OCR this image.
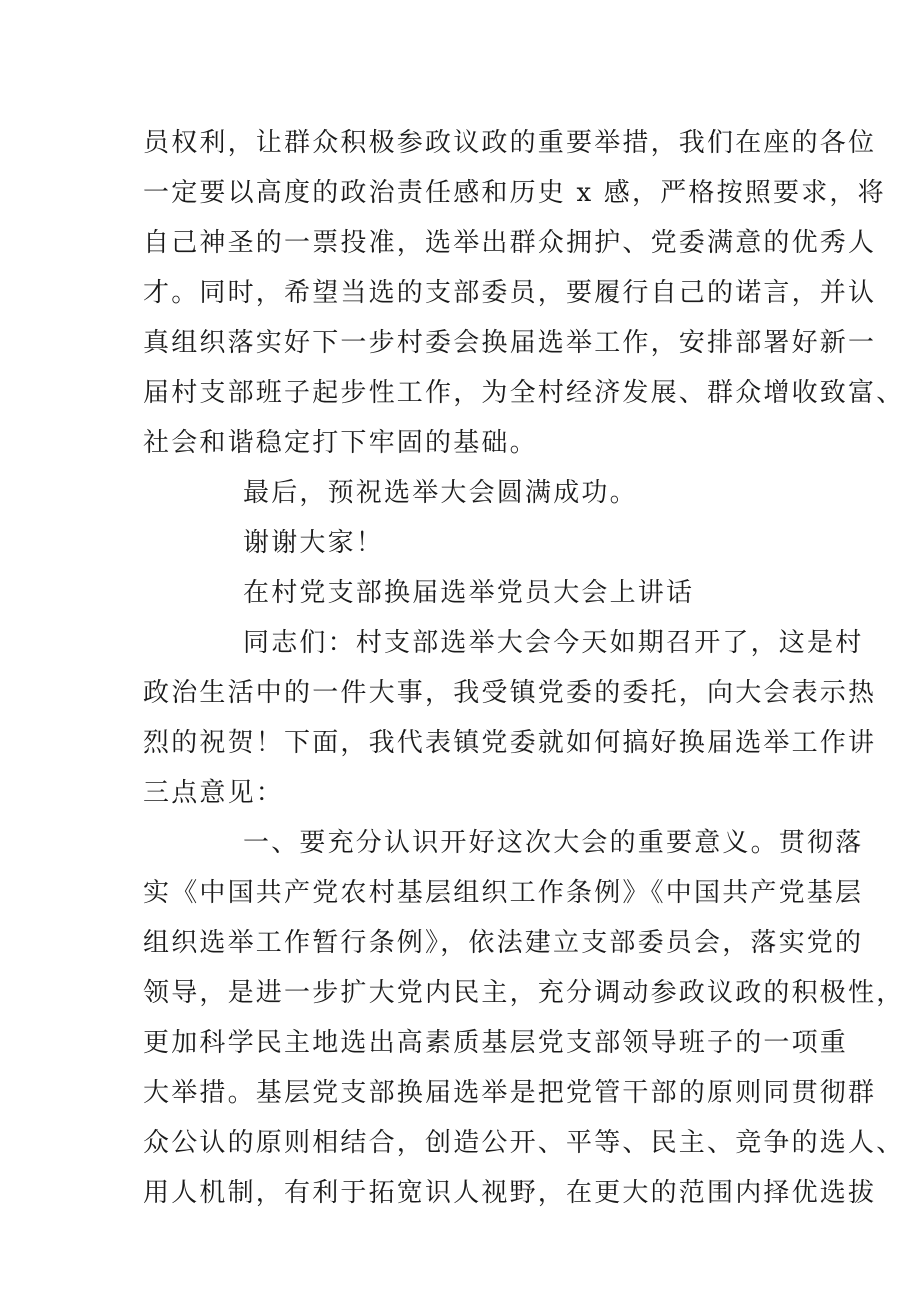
员权利，让群众积极参政议政的重要举措，我们在座的各位
一定要以高度的政治责任感和历史 x 感，严格按照要求，将
自己神圣的一票投准，选举出群众拥护、党委满意的优秀人
才。同时，希望当选的支部委员，要履行自己的诺言，并认
真组织落实好下一步村委会换届选举工作，安排部署好新一
届村支部班子起步性工作，为全村经济发展、群众增收致富、
社会和谐稳定打下牢固的基础。
最后，预祝选举大会圆满成功。
谢谢大家！
在村党支部换届选举党员大会上讲话
同志们：村支部选举大会今天如期召开了，这是村
政治生活中的一件大事，我受镇党委的委托，向大会表示热
烈的祝贺！下面，我代表镇党委就如何搞好换届选举工作讲
三点意见：
一、要充分认识开好这次大会的重要意义。贯彻落
实《中国共产党农村基层组织工作条例》《中国共产党基层
组织选举工作暂行条例》，依法建立支部委员会，落实党的
领导，是进一步扩大党内民主，充分调动参政议政的积极性，
更加科学民主地选出高素质基层党支部领导班子的一项重
大举措。基层党支部换届选举是把党管干部的原则同贯彻群
众公认的原则相结合，创造公开、平等、民主、竞争的选人、
用人机制，有利于拓宽识人视野，在更大的范围内择优选拔
